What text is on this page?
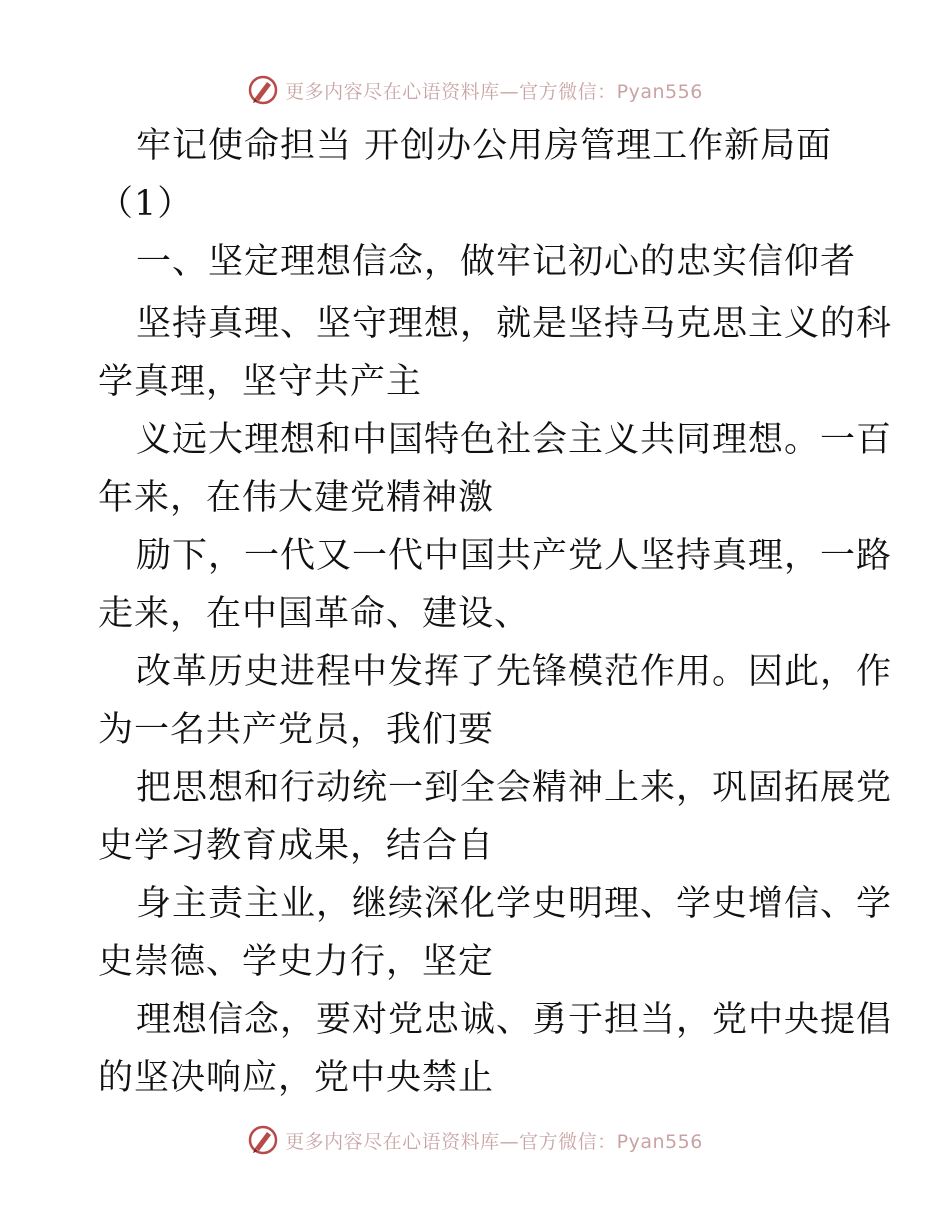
更多内容尽在心语资料库—官方微信：Pyan556
牢记使命担当 开创办公用房管理工作新局面
（1）
一、坚定理想信念，做牢记初心的忠实信仰者
坚持真理、坚守理想，就是坚持马克思主义的科
学真理，坚守共产主
义远大理想和中国特色社会主义共同理想。一百
年来，在伟大建党精神激
励下，一代又一代中国共产党人坚持真理，一路
走来，在中国革命、建设、
改革历史进程中发挥了先锋模范作用。因此，作
为一名共产党员，我们要
把思想和行动统一到全会精神上来，巩固拓展党
史学习教育成果，结合自
身主责主业，继续深化学史明理、学史增信、学
史崇德、学史力行，坚定
理想信念，要对党忠诚、勇于担当，党中央提倡
的坚决响应，党中央禁止
更多内容尽在心语资料库—官方微信：Pyan556
